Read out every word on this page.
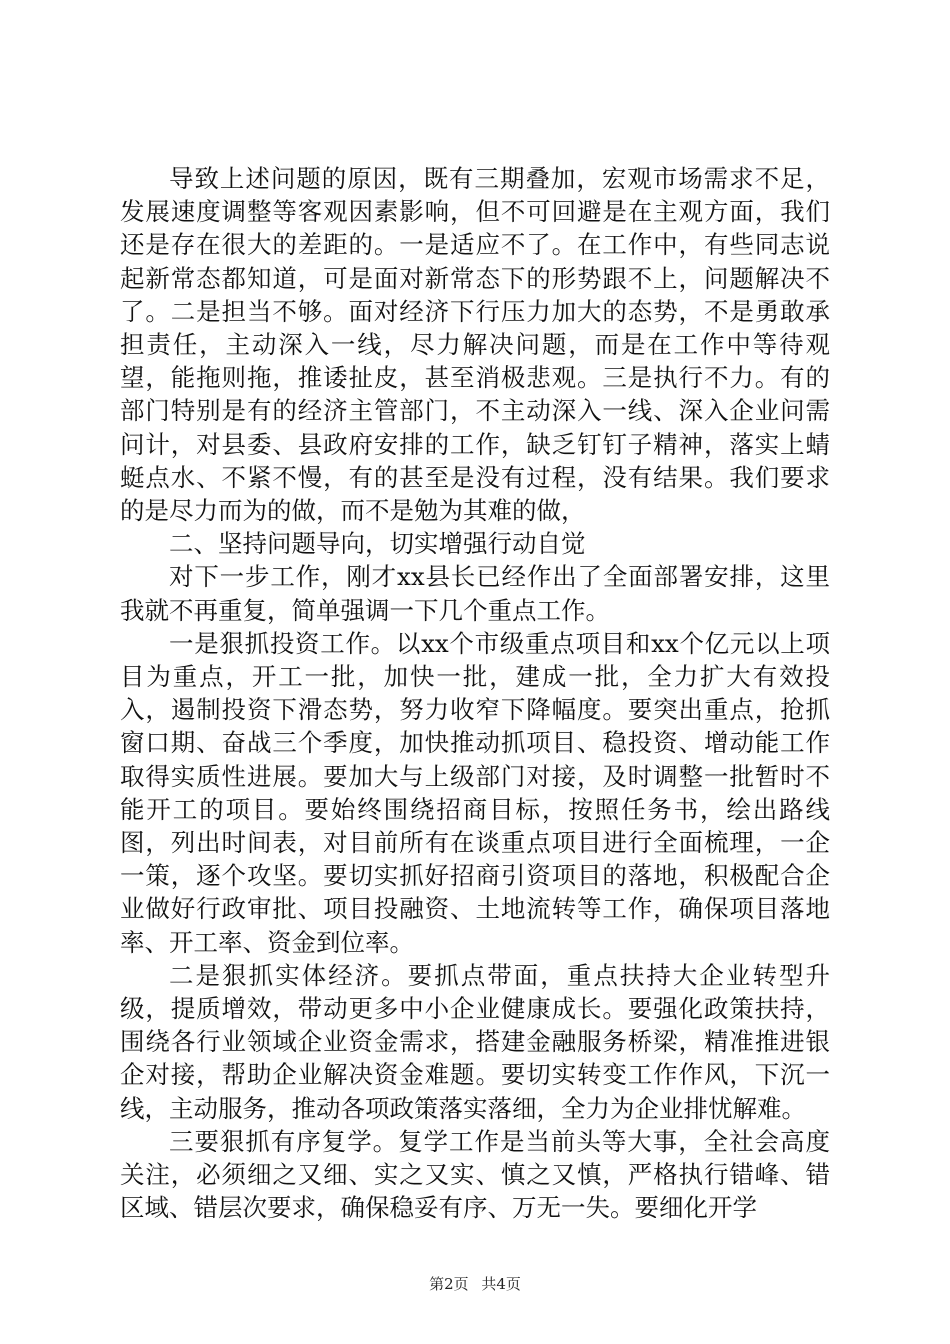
导致上述问题的原因，既有三期叠加，宏观市场需求不足，发展速度调整等客观因素影响，但不可回避是在主观方面，我们还是存在很大的差距的。一是适应不了。在工作中，有些同志说起新常态都知道，可是面对新常态下的形势跟不上，问题解决不了。二是担当不够。面对经济下行压力加大的态势，不是勇敢承担责任，主动深入一线，尽力解决问题，而是在工作中等待观望，能拖则拖，推诿扯皮，甚至消极悲观。三是执行不力。有的部门特别是有的经济主管部门，不主动深入一线、深入企业问需问计，对县委、县政府安排的工作，缺乏钉钉子精神，落实上蜻蜓点水、不紧不慢，有的甚至是没有过程，没有结果。我们要求的是尽力而为的做，而不是勉为其难的做，

二、坚持问题导向，切实增强行动自觉

对下一步工作，刚才xx县长已经作出了全面部署安排，这里我就不再重复，简单强调一下几个重点工作。

一是狠抓投资工作。以xx个市级重点项目和xx个亿元以上项目为重点，开工一批，加快一批，建成一批，全力扩大有效投入，遏制投资下滑态势，努力收窄下降幅度。要突出重点，抢抓窗口期、奋战三个季度，加快推动抓项目、稳投资、增动能工作取得实质性进展。要加大与上级部门对接，及时调整一批暂时不能开工的项目。要始终围绕招商目标，按照任务书，绘出路线图，列出时间表，对目前所有在谈重点项目进行全面梳理，一企一策，逐个攻坚。要切实抓好招商引资项目的落地，积极配合企业做好行政审批、项目投融资、土地流转等工作，确保项目落地率、开工率、资金到位率。

二是狠抓实体经济。要抓点带面，重点扶持大企业转型升级，提质增效，带动更多中小企业健康成长。要强化政策扶持，围绕各行业领域企业资金需求，搭建金融服务桥梁，精准推进银企对接，帮助企业解决资金难题。要切实转变工作作风，下沉一线，主动服务，推动各项政策落实落细，全力为企业排忧解难。

三要狠抓有序复学。复学工作是当前头等大事，全社会高度关注，必须细之又细、实之又实、慎之又慎，严格执行错峰、错区域、错层次要求，确保稳妥有序、万无一失。要细化开学

第2页 共4页
